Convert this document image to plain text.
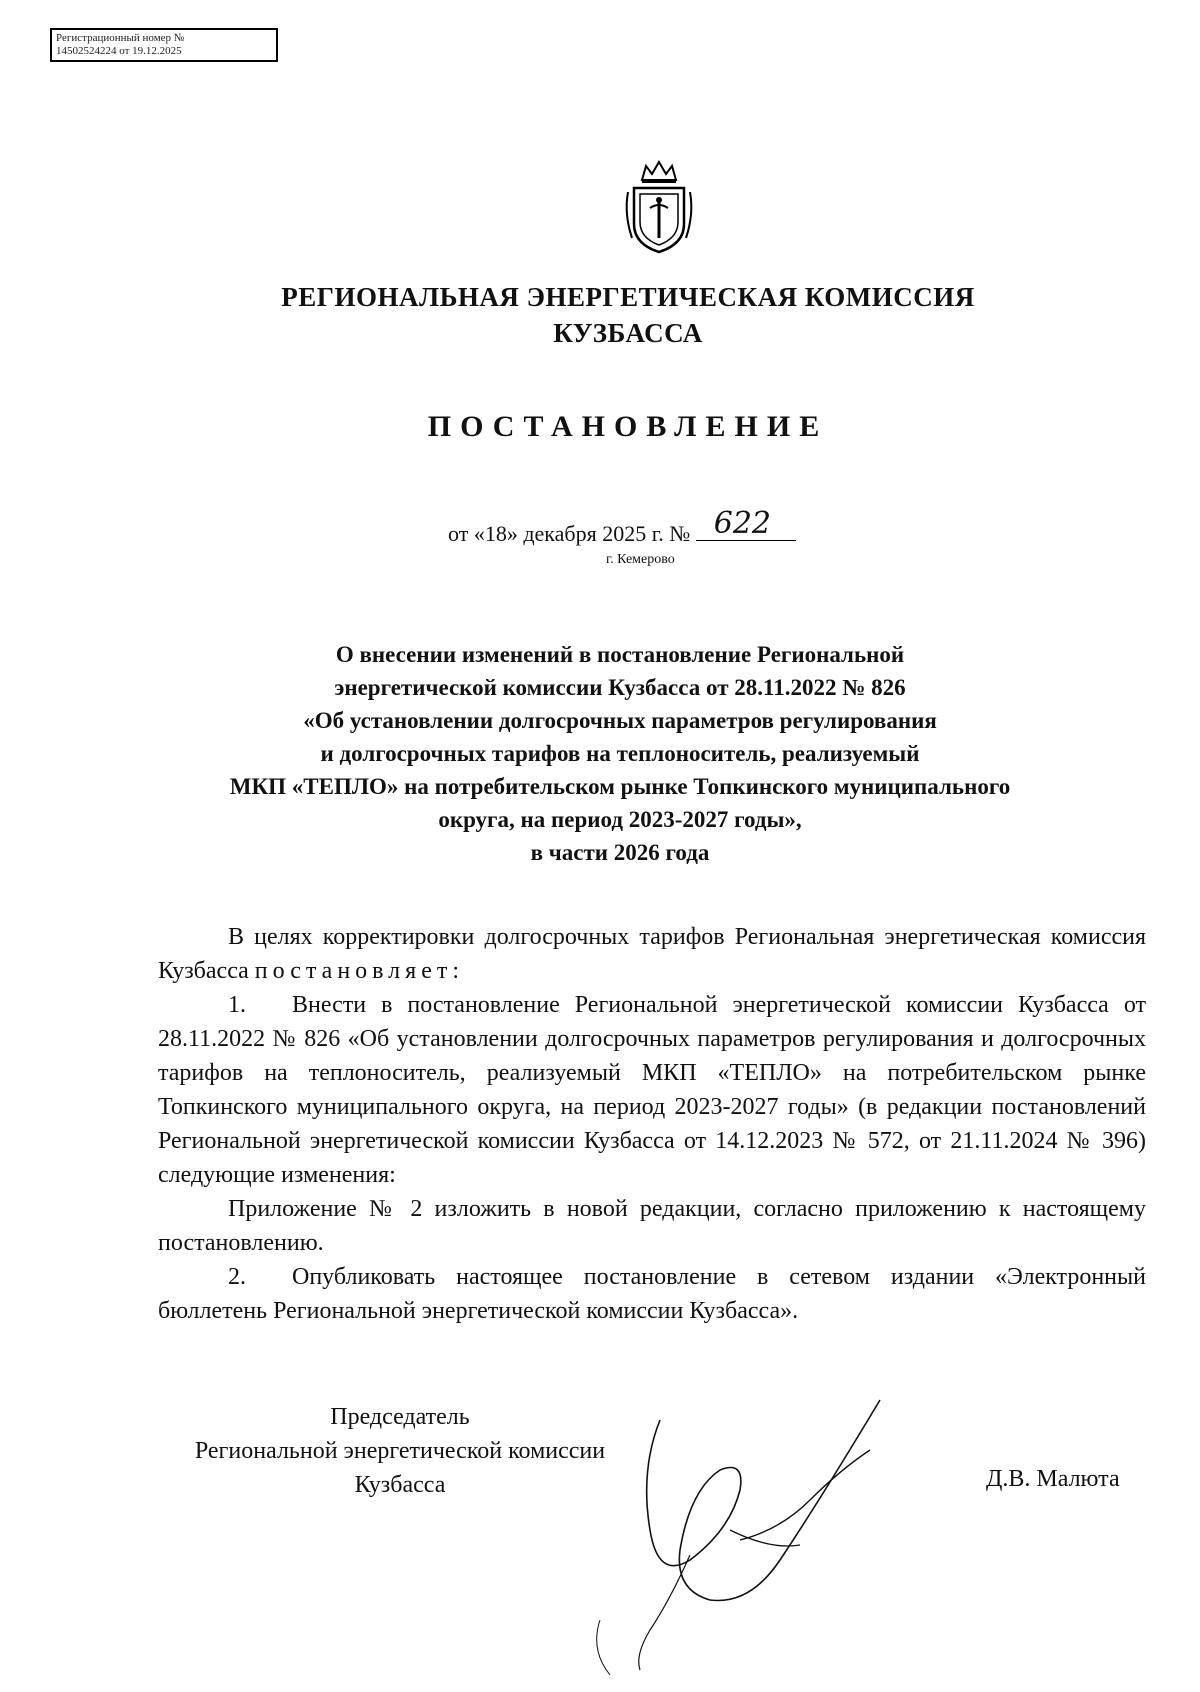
Регистрационный номер №
14502524224 от 19.12.2025
РЕГИОНАЛЬНАЯ ЭНЕРГЕТИЧЕСКАЯ КОМИССИЯ
КУЗБАССА
ПОСТАНОВЛЕНИЕ
от «18» декабря 2025 г. № 622
г. Кемерово
О внесении изменений в постановление Региональной
энергетической комиссии Кузбасса от 28.11.2022 № 826
«Об установлении долгосрочных параметров регулирования
и долгосрочных тарифов на теплоноситель, реализуемый
МКП «ТЕПЛО» на потребительском рынке Топкинского муниципального
округа, на период 2023-2027 годы»,
в части 2026 года

В целях корректировки долгосрочных тарифов Региональная энергетическая комиссия Кузбасса постановляет:

1. Внести в постановление Региональной энергетической комиссии Кузбасса от 28.11.2022 № 826 «Об установлении долгосрочных параметров регулирования и долгосрочных тарифов на теплоноситель, реализуемый МКП «ТЕПЛО» на потребительском рынке Топкинского муниципального округа, на период 2023-2027 годы» (в редакции постановлений Региональной энергетической комиссии Кузбасса от 14.12.2023 № 572, от 21.11.2024 № 396) следующие изменения:

Приложение № 2 изложить в новой редакции, согласно приложению к настоящему постановлению.

2. Опубликовать настоящее постановление в сетевом издании «Электронный бюллетень Региональной энергетической комиссии Кузбасса».

Председатель
Региональной энергетической комиссии
Кузбасса	Д.В. Малюта
